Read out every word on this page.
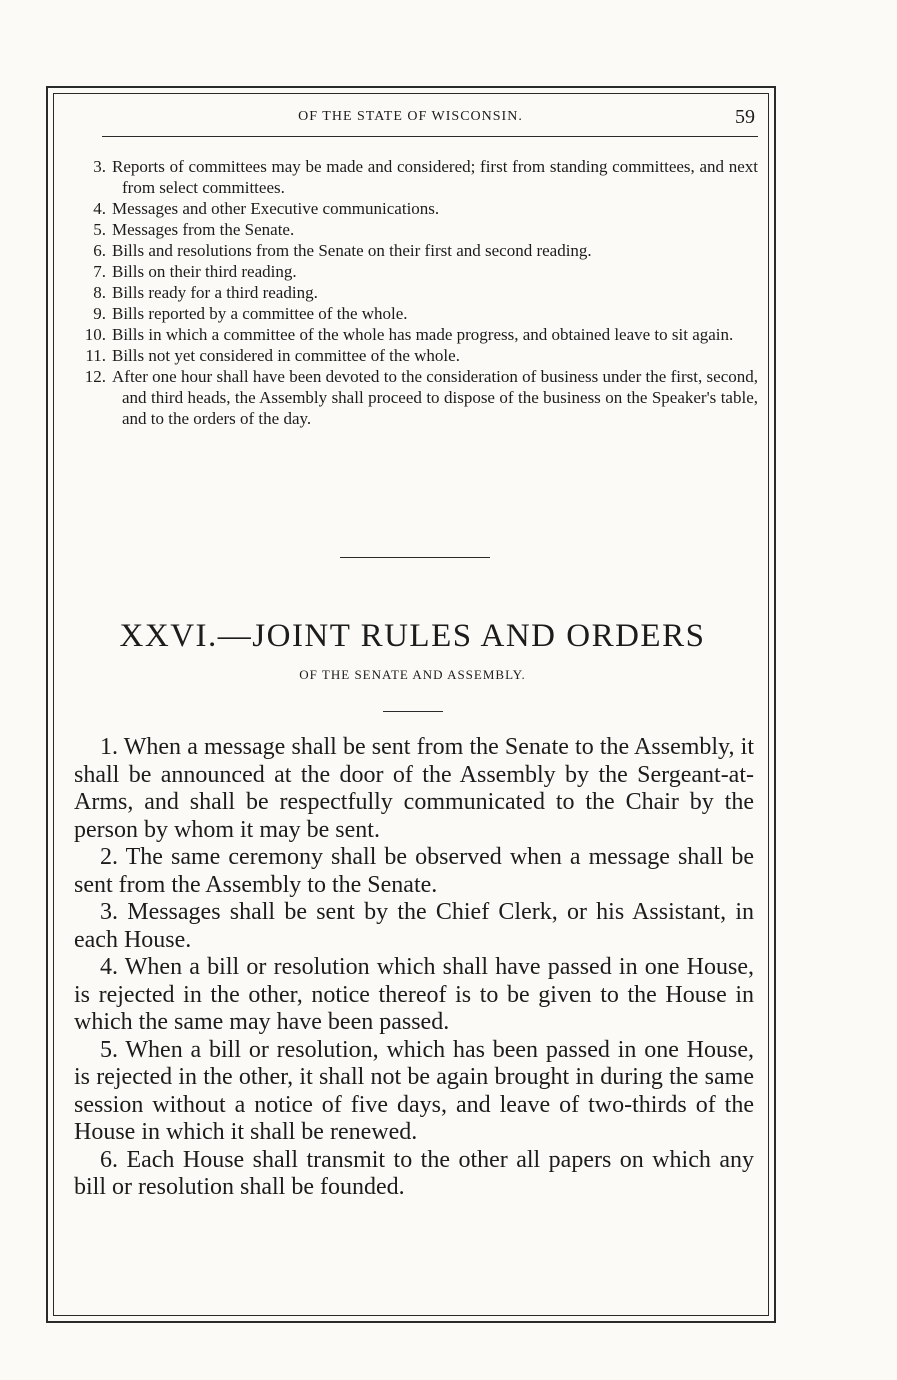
OF THE STATE OF WISCONSIN.	59
3. Reports of committees may be made and considered; first from standing committees, and next from select committees.
4. Messages and other Executive communications.
5. Messages from the Senate.
6. Bills and resolutions from the Senate on their first and second reading.
7. Bills on their third reading.
8. Bills ready for a third reading.
9. Bills reported by a committee of the whole.
10. Bills in which a committee of the whole has made progress, and obtained leave to sit again.
11. Bills not yet considered in committee of the whole.
12. After one hour shall have been devoted to the consideration of business under the first, second, and third heads, the Assembly shall proceed to dispose of the business on the Speaker's table, and to the orders of the day.
XXVI.—JOINT RULES AND ORDERS
OF THE SENATE AND ASSEMBLY.

1. When a message shall be sent from the Senate to the Assembly, it shall be announced at the door of the Assembly by the Sergeant-at-Arms, and shall be respectfully communicated to the Chair by the person by whom it may be sent.

2. The same ceremony shall be observed when a message shall be sent from the Assembly to the Senate.

3. Messages shall be sent by the Chief Clerk, or his Assistant, in each House.

4. When a bill or resolution which shall have passed in one House, is rejected in the other, notice thereof is to be given to the House in which the same may have been passed.

5. When a bill or resolution, which has been passed in one House, is rejected in the other, it shall not be again brought in during the same session without a notice of five days, and leave of two-thirds of the House in which it shall be renewed.

6. Each House shall transmit to the other all papers on which any bill or resolution shall be founded.
